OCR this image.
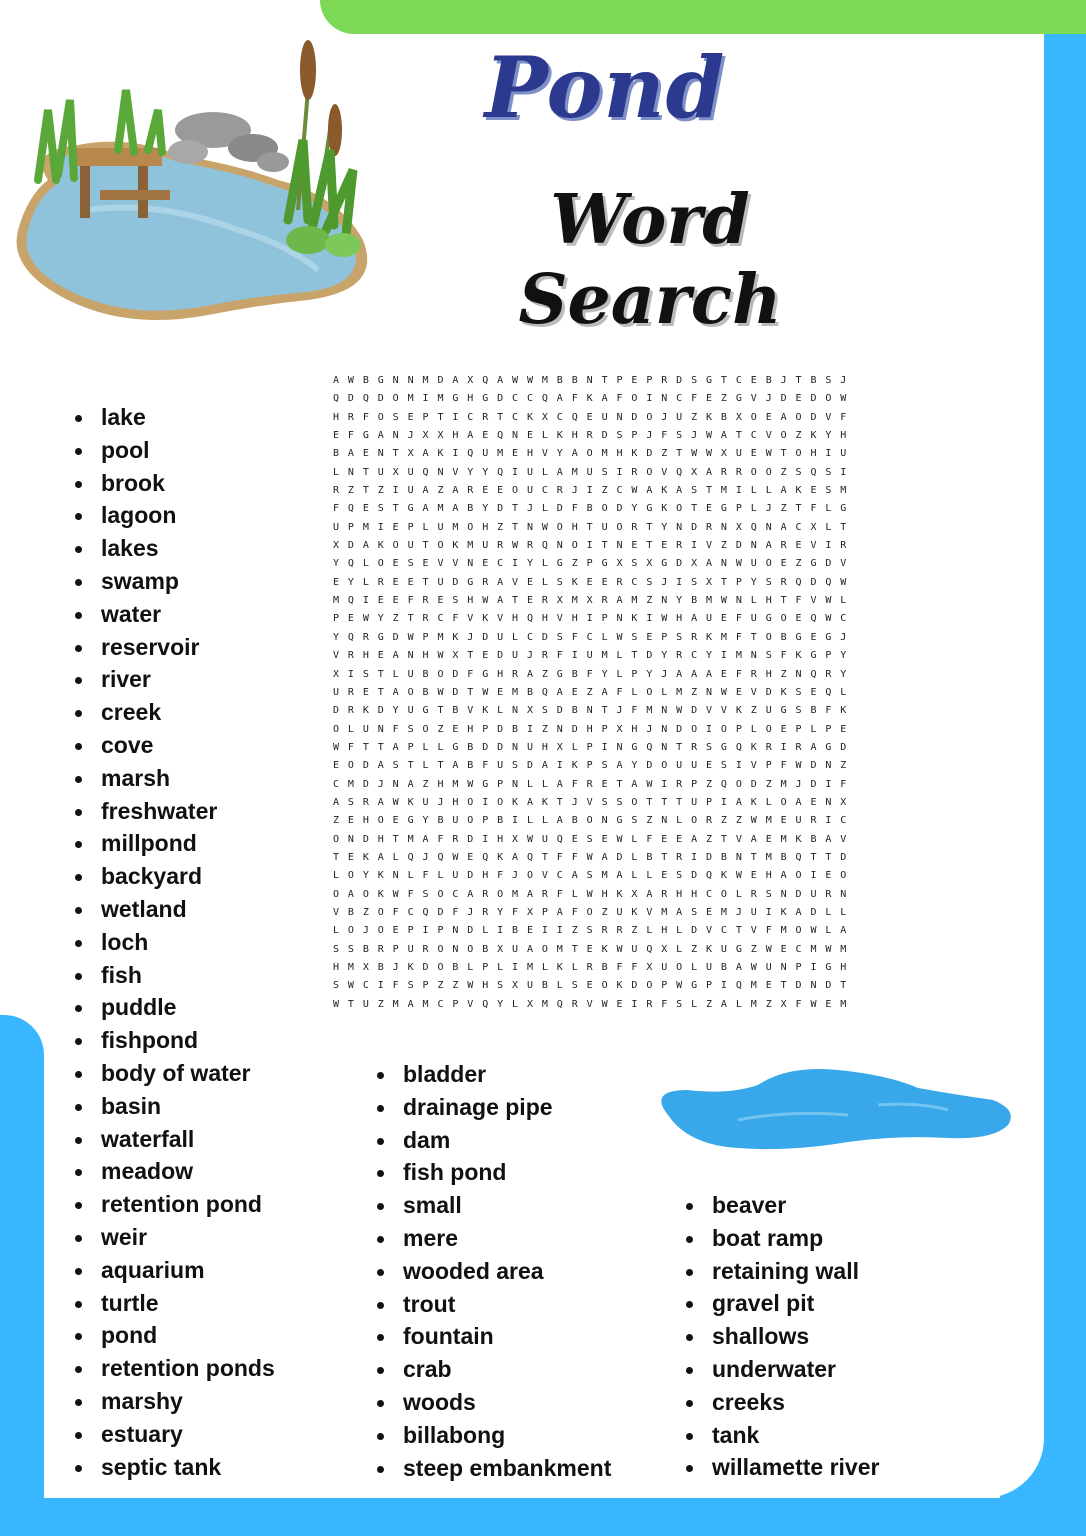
Pond
Word Search
AWBGNNMDAXQAWWMBBNTPEPRDSGTCEBJTBSJ
QDQDOMIMGHGDCCQAFKAFOINCFEZGVJDEDOW
HRFOSEPTICRTCKXCQEUNDOJUZKBXOEAODVF
EFGANJXXHAEQNELKHRDSPJFSJWATCVOZKYH
BAENTXAKIQUMEHVYAOMHKDZTWWXUEWTOHIU
LNTUXUQNVYYQIULAMUSIROVQXARROOZSQSI
RZTZIUAZAREEOUCRJIZCWAKASTMILLAKESM
FQESTGAMABYDTJLDFBODYGKOTEGPLJZTFLG
UPMIEPLUMOHZTNWOHTUORTYNDRNXQNACXLT
XDAKOUTOKMURWRQNOITNETERIVZDNAREVIR
YQLOESEVVNECIYLGZPGXSXGDXANWUOEZGDV
EYLREETUDGRAVELSKEERCSJISXTPYSRQDQW
MQIEEFRESHWATERXMXRAMZNYBMWNLHTFVWL
PEWYZTRCFVKVHQHVHIPNKIWHAUEFUGOEQWC
YQRGDWPMKJDULCDSFCLWSEPSRKMFTOBGEGJ
VRHEANHWXTEDUJRFIUMLTDYRCYIMNSFKGPY
XISTLUBODFGHRAZGBFYLPYJAAAEFRHZNQRY
URETAOBWDTWEMBQAEZAFLOLMZNWEVDKSEQL
DRKDYUGTBVKLNXSDBNTJFMNWDVVKZUGSBFK
OLUNFSOZEHPDBIZNDHPXHJNDOIOPLOEPLPE
WFTTAPLLGBDDNUHXLPINGQNTRSGQKRIRAGD
EODASTLTABFUSDAIKPSAYDOUUESIVPFWDNZ
CMDJNAZHMWGPNLLAFRETAWIRPZQODZMJDIF
ASRAWKUJHOIOKAKTJVSSOTTTUPIAKLOAENX
ZEHOEGYBUOPBILLABONGSZNLORZZWMEURIC
ONDHTMAFRDIHXWUQESEWLFEEAZTVAEMKBAV
TEKALQJQWEQKAQTFFWADLBTRIDBNTMBQTTD
LOYKNLFLUDHFJOVCASMALLESDQKWEHAOIEO
OAOKWFSOCAROMARFLWHKXARHHCOLRSNDURN
VBZOFCQDFJRYFXPAFOZUKVMASEMJUIKADLL
LOJOEPIPNDLIBEIIZSRRZLHLDVCTVFMOWLA
SSBRPURONOBXUAOMTEKWUQXLZKUGZWECMWM
HMXBJKDOBLPLIMLKLRBFFXUOLUBAWUNPIGH
SWCIFSPZZWHSXUBLSEOKDOPWGPIQMETDNDT
WTUZMAMCPVQYLXMQRVWEIRFSLZALMZXFWEM
lake
pool
brook
lagoon
lakes
swamp
water
reservoir
river
creek
cove
marsh
freshwater
millpond
backyard
wetland
loch
fish
puddle
fishpond
body of water
basin
waterfall
meadow
retention pond
weir
aquarium
turtle
pond
retention ponds
marshy
estuary
septic tank
bladder
drainage pipe
dam
fish pond
small
mere
wooded area
trout
fountain
crab
woods
billabong
steep embankment
beaver
boat ramp
retaining wall
gravel pit
shallows
underwater
creeks
tank
willamette river
